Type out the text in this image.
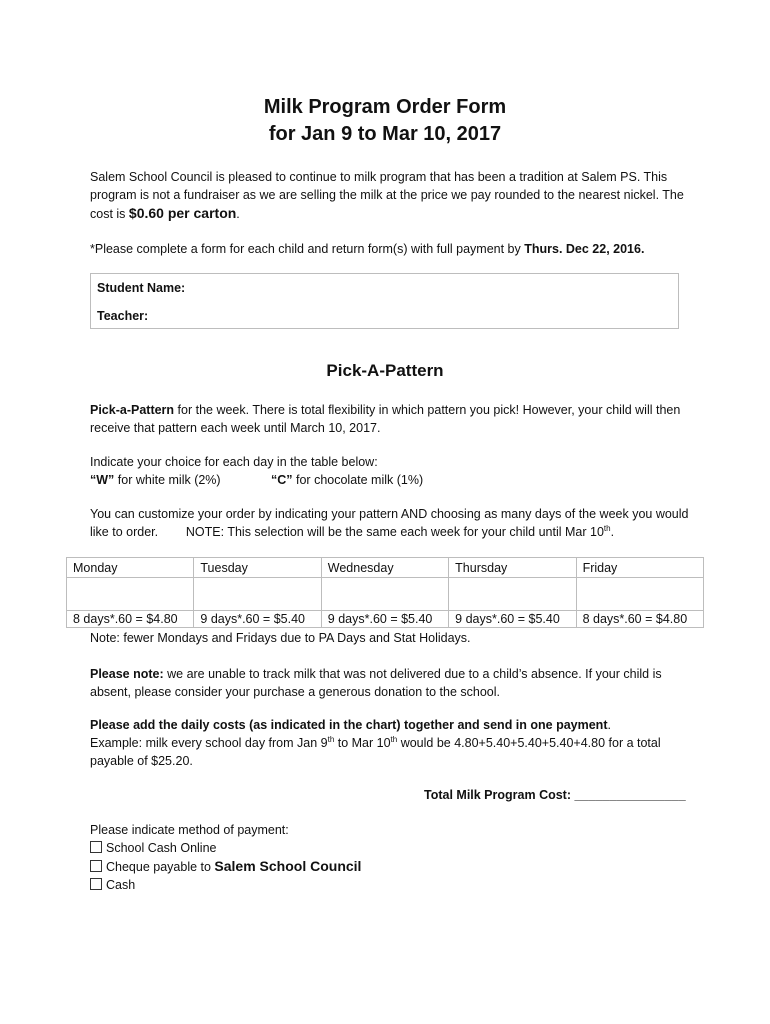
Milk Program Order Form
for Jan 9 to Mar 10, 2017
Salem School Council is pleased to continue to milk program that has been a tradition at Salem PS. This program is not a fundraiser as we are selling the milk at the price we pay rounded to the nearest nickel. The cost is $0.60 per carton.
*Please complete a form for each child and return form(s) with full payment by Thurs. Dec 22, 2016.
Student Name:
Teacher:
Pick-A-Pattern
Pick-a-Pattern for the week. There is total flexibility in which pattern you pick! However, your child will then receive that pattern each week until March 10, 2017.
Indicate your choice for each day in the table below:
“W” for white milk (2%)	“C” for chocolate milk (1%)
You can customize your order by indicating your pattern AND choosing as many days of the week you would like to order. NOTE: This selection will be the same each week for your child until Mar 10th.
Monday	Tuesday	Wednesday	Thursday	Friday

8 days*.60 = $4.80	9 days*.60 = $5.40	9 days*.60 = $5.40	9 days*.60 = $5.40	8 days*.60 = $4.80
Note: fewer Mondays and Fridays due to PA Days and Stat Holidays.
Please note: we are unable to track milk that was not delivered due to a child’s absence. If your child is absent, please consider your purchase a generous donation to the school.
Please add the daily costs (as indicated in the chart) together and send in one payment.
Example: milk every school day from Jan 9th to Mar 10th would be 4.80+5.40+5.40+5.40+4.80 for a total payable of $25.20.
Total Milk Program Cost: ________________
Please indicate method of payment:
School Cash Online
Cheque payable to Salem School Council
Cash
